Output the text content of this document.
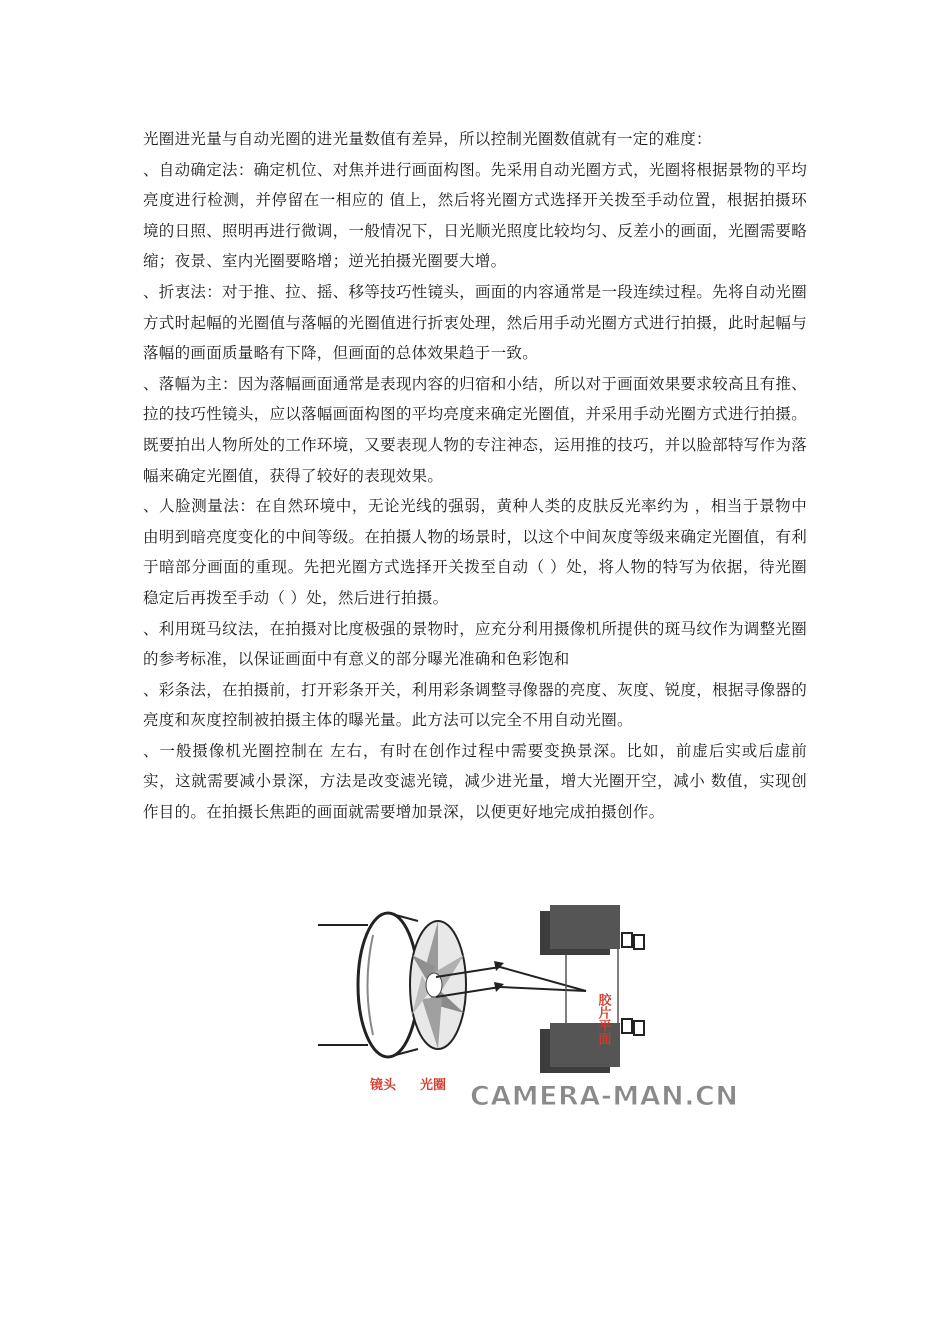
光圈进光量与自动光圈的进光量数值有差异，所以控制光圈数值就有一定的难度：

、自动确定法：确定机位、对焦并进行画面构图。先采用自动光圈方式，光圈将根据景物的平均亮度进行检测，并停留在一相应的 值上，然后将光圈方式选择开关拨至手动位置，根据拍摄环境的日照、照明再进行微调，一般情况下，日光顺光照度比较均匀、反差小的画面，光圈需要略缩；夜景、室内光圈要略增；逆光拍摄光圈要大增。

、折衷法：对于推、拉、摇、移等技巧性镜头，画面的内容通常是一段连续过程。先将自动光圈方式时起幅的光圈值与落幅的光圈值进行折衷处理，然后用手动光圈方式进行拍摄，此时起幅与落幅的画面质量略有下降，但画面的总体效果趋于一致。

、落幅为主：因为落幅画面通常是表现内容的归宿和小结，所以对于画面效果要求较高且有推、拉的技巧性镜头，应以落幅画面构图的平均亮度来确定光圈值，并采用手动光圈方式进行拍摄。既要拍出人物所处的工作环境，又要表现人物的专注神态，运用推的技巧，并以脸部特写作为落幅来确定光圈值，获得了较好的表现效果。

、人脸测量法：在自然环境中，无论光线的强弱，黄种人类的皮肤反光率约为 ，相当于景物中由明到暗亮度变化的中间等级。在拍摄人物的场景时，以这个中间灰度等级来确定光圈值，有利于暗部分画面的重现。先把光圈方式选择开关拨至自动（ ）处，将人物的特写为依据，待光圈稳定后再拨至手动（ ）处，然后进行拍摄。

、利用斑马纹法，在拍摄对比度极强的景物时，应充分利用摄像机所提供的斑马纹作为调整光圈的参考标准，以保证画面中有意义的部分曝光准确和色彩饱和

、彩条法，在拍摄前，打开彩条开关，利用彩条调整寻像器的亮度、灰度、锐度，根据寻像器的亮度和灰度控制被拍摄主体的曝光量。此方法可以完全不用自动光圈。

、一般摄像机光圈控制在 左右，有时在创作过程中需要变换景深。比如，前虚后实或后虚前实，这就需要减小景深，方法是改变滤光镜，减少进光量，增大光圈开空，减小 数值，实现创作目的。在拍摄长焦距的画面就需要增加景深，以便更好地完成拍摄创作。

胶片平面
镜头 光圈 CAMERA-MAN.CN
